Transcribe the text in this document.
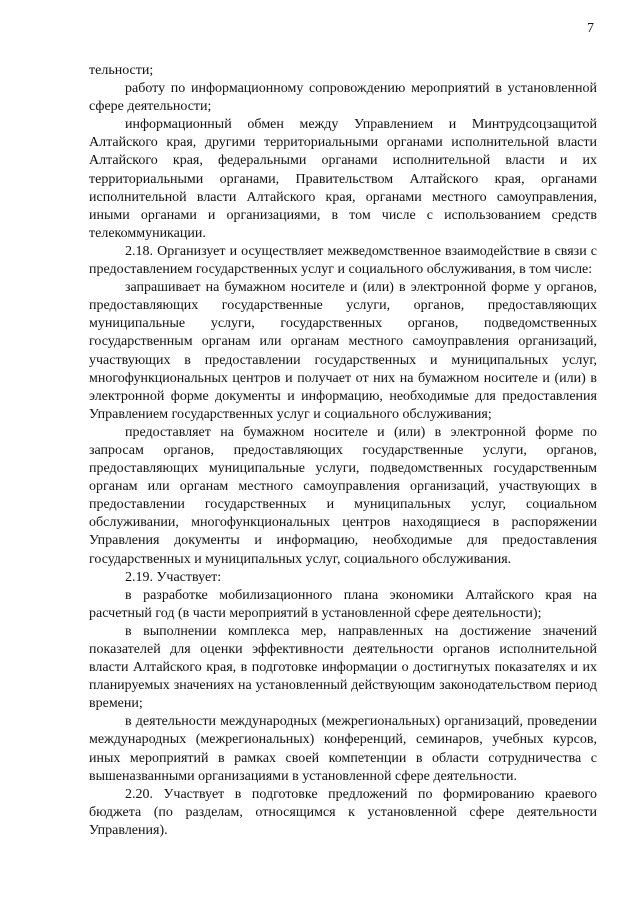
7

тельности;

работу по информационному сопровождению мероприятий в установленной сфере деятельности;

информационный обмен между Управлением и Минтрудсоцзащитой Алтайского края, другими территориальными органами исполнительной власти Алтайского края, федеральными органами исполнительной власти и их территориальными органами, Правительством Алтайского края, органами исполнительной власти Алтайского края, органами местного самоуправления, иными органами и организациями, в том числе с использованием средств телекоммуникации.

2.18. Организует и осуществляет межведомственное взаимодействие в связи с предоставлением государственных услуг и социального обслуживания, в том числе:

запрашивает на бумажном носителе и (или) в электронной форме у органов, предоставляющих государственные услуги, органов, предоставляющих муниципальные услуги, государственных органов, подведомственных государственным органам или органам местного самоуправления организаций, участвующих в предоставлении государственных и муниципальных услуг, многофункциональных центров и получает от них на бумажном носителе и (или) в электронной форме документы и информацию, необходимые для предоставления Управлением государственных услуг и социального обслуживания;

предоставляет на бумажном носителе и (или) в электронной форме по запросам органов, предоставляющих государственные услуги, органов, предоставляющих муниципальные услуги, подведомственных государственным органам или органам местного самоуправления организаций, участвующих в предоставлении государственных и муниципальных услуг, социальном обслуживании, многофункциональных центров находящиеся в распоряжении Управления документы и информацию, необходимые для предоставления государственных и муниципальных услуг, социального обслуживания.

2.19. Участвует:

в разработке мобилизационного плана экономики Алтайского края на расчетный год (в части мероприятий в установленной сфере деятельности);

в выполнении комплекса мер, направленных на достижение значений показателей для оценки эффективности деятельности органов исполнительной власти Алтайского края, в подготовке информации о достигнутых показателях и их планируемых значениях на установленный действующим законодательством период времени;

в деятельности международных (межрегиональных) организаций, проведении международных (межрегиональных) конференций, семинаров, учебных курсов, иных мероприятий в рамках своей компетенции в области сотрудничества с вышеназванными организациями в установленной сфере деятельности.

2.20. Участвует в подготовке предложений по формированию краевого бюджета (по разделам, относящимся к установленной сфере деятельности Управления).
